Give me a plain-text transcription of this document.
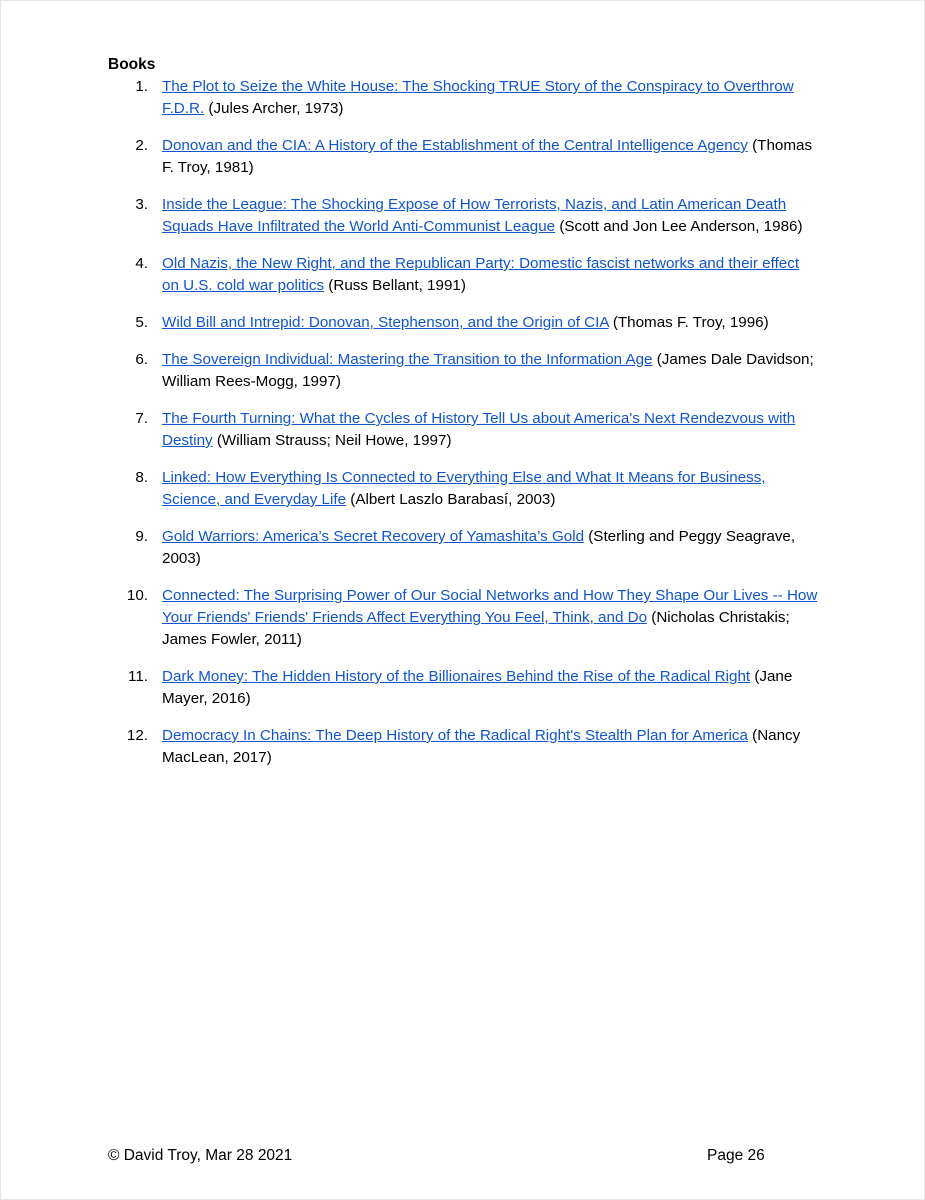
Books
1. The Plot to Seize the White House: The Shocking TRUE Story of the Conspiracy to Overthrow F.D.R. (Jules Archer, 1973)
2. Donovan and the CIA: A History of the Establishment of the Central Intelligence Agency (Thomas F. Troy, 1981)
3. Inside the League: The Shocking Expose of How Terrorists, Nazis, and Latin American Death Squads Have Infiltrated the World Anti-Communist League (Scott and Jon Lee Anderson, 1986)
4. Old Nazis, the New Right, and the Republican Party: Domestic fascist networks and their effect on U.S. cold war politics (Russ Bellant, 1991)
5. Wild Bill and Intrepid: Donovan, Stephenson, and the Origin of CIA (Thomas F. Troy, 1996)
6. The Sovereign Individual: Mastering the Transition to the Information Age (James Dale Davidson; William Rees-Mogg, 1997)
7. The Fourth Turning: What the Cycles of History Tell Us about America's Next Rendezvous with Destiny (William Strauss; Neil Howe, 1997)
8. Linked: How Everything Is Connected to Everything Else and What It Means for Business, Science, and Everyday Life (Albert Laszlo Barabasí, 2003)
9. Gold Warriors: America’s Secret Recovery of Yamashita’s Gold (Sterling and Peggy Seagrave, 2003)
10. Connected: The Surprising Power of Our Social Networks and How They Shape Our Lives -- How Your Friends' Friends' Friends Affect Everything You Feel, Think, and Do (Nicholas Christakis; James Fowler, 2011)
11. Dark Money: The Hidden History of the Billionaires Behind the Rise of the Radical Right (Jane Mayer, 2016)
12. Democracy In Chains: The Deep History of the Radical Right's Stealth Plan for America (Nancy MacLean, 2017)
© David Troy, Mar 28 2021	Page 26
